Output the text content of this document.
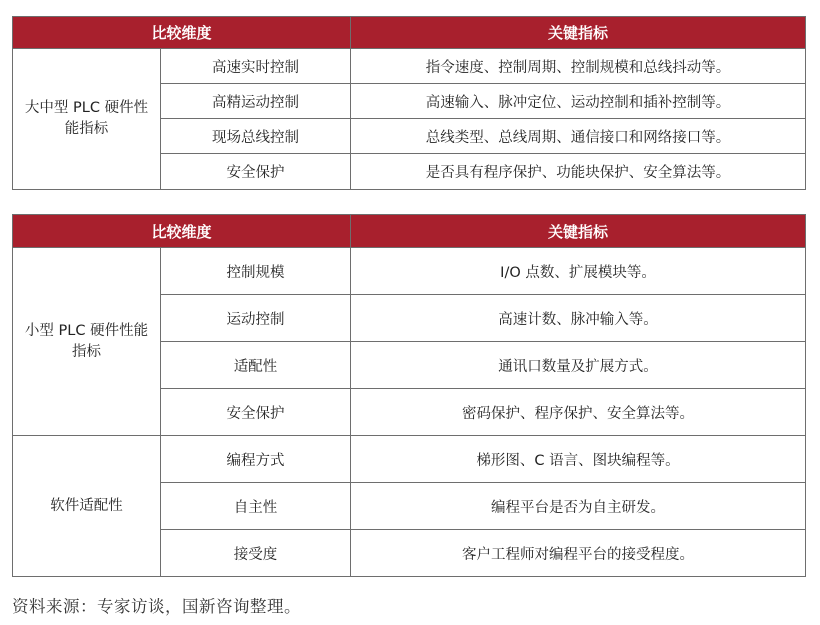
比较维度		关键指标
大中型 PLC 硬件性能指标	高速实时控制	指令速度、控制周期、控制规模和总线抖动等。
	高精运动控制	高速输入、脉冲定位、运动控制和插补控制等。
	现场总线控制	总线类型、总线周期、通信接口和网络接口等。
	安全保护	是否具有程序保护、功能块保护、安全算法等。
比较维度		关键指标
小型 PLC 硬件性能指标	控制规模	I/O 点数、扩展模块等。
	运动控制	高速计数、脉冲输入等。
	适配性	通讯口数量及扩展方式。
	安全保护	密码保护、程序保护、安全算法等。
软件适配性	编程方式	梯形图、C 语言、图块编程等。
	自主性	编程平台是否为自主研发。
	接受度	客户工程师对编程平台的接受程度。
资料来源：专家访谈，国新咨询整理。
